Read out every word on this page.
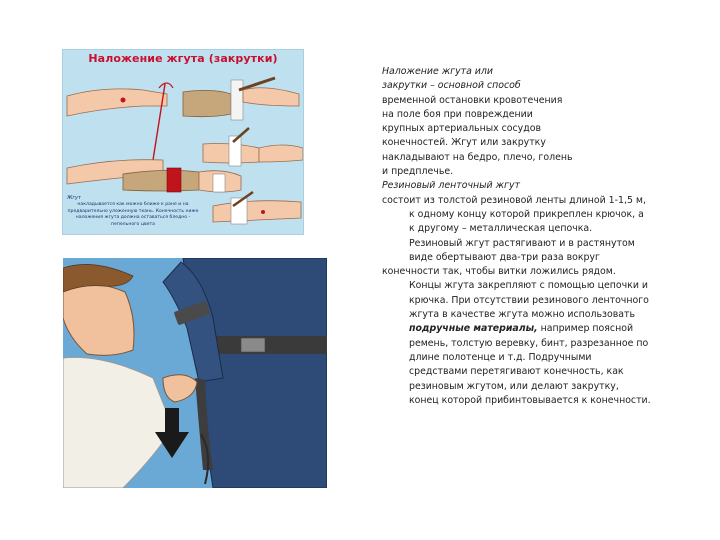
Наложение жгута (закрутки)
Жгут
накладывается как можно ближе к ране и на предварительно уложенную ткань. Конечность ниже наложения жгута должна оставаться бледно - пепельного цвета

Наложение жгута или

закрутки – основной способ

временной остановки кровотечения

на поле боя при повреждении

крупных артериальных сосудов

конечностей. Жгут или закрутку

накладывают на бедро, плечо, голень

и предплечье.

Резиновый ленточный жгут

состоит из толстой резиновой ленты длиной 1-1,5 м,

к одному концу которой прикреплен крючок, а

к другому – металлическая цепочка.

Резиновый жгут растягивают и в растянутом

виде обертывают два-три раза вокруг

конечности так, чтобы витки ложились рядом.

Концы жгута закрепляют с помощью цепочки и

крючка. При отсутствии резинового ленточного

жгута в качестве жгута можно использовать

подручные материалы, например поясной

ремень, толстую веревку, бинт, разрезанное по

длине полотенце и т.д. Подручными

средствами перетягивают конечность, как

резиновым жгутом, или делают закрутку,

конец которой прибинтовывается к конечности.
